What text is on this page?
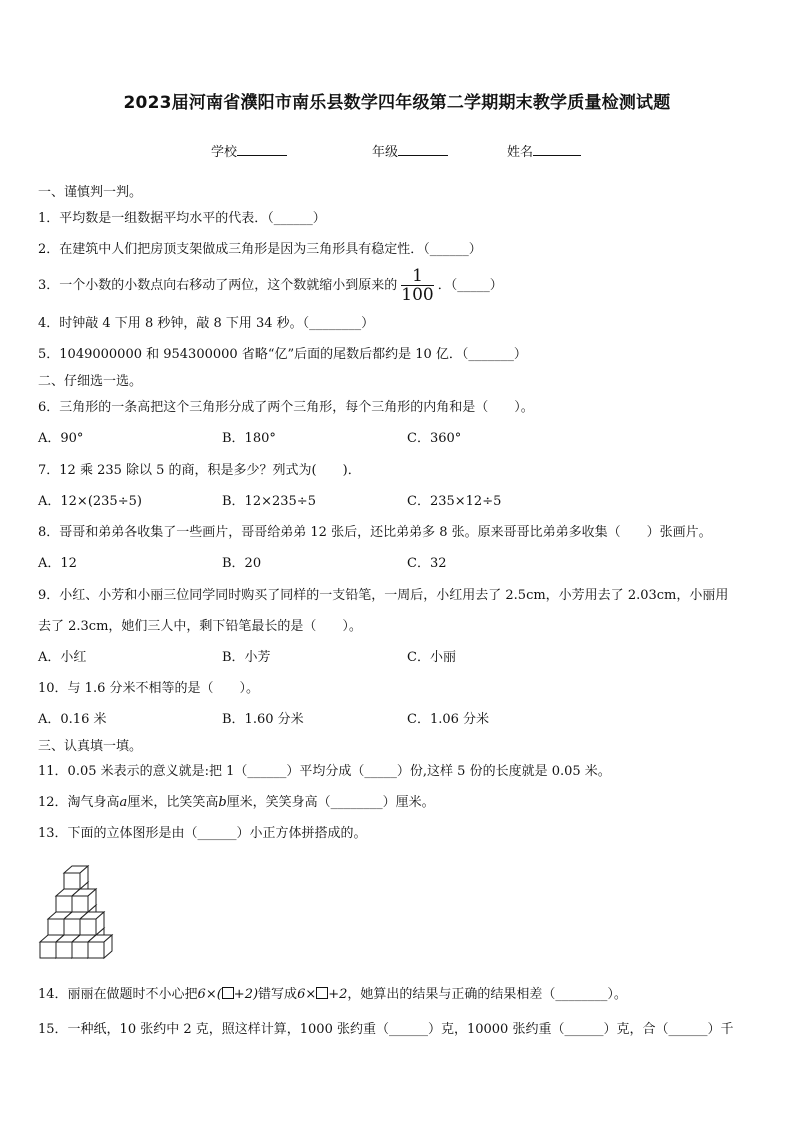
2023届河南省濮阳市南乐县数学四年级第二学期期末教学质量检测试题
学校	年级	姓名
一、谨慎判一判。
1．平均数是一组数据平均水平的代表．（______）
2．在建筑中人们把房顶支架做成三角形是因为三角形具有稳定性．（______）
3．一个小数的小数点向右移动了两位，这个数就缩小到原来的 $\frac{1}{100}$ ．（_____）
4．时钟敲 4 下用 8 秒钟，敲 8 下用 34 秒。（________）
5．1049000000 和 954300000 省略“亿”后面的尾数后都约是 10 亿．（_______）
二、仔细选一选。
6．三角形的一条高把这个三角形分成了两个三角形，每个三角形的内角和是（　　）。
A．90°	B．180°	C．360°
7．12 乘 235 除以 5 的商，积是多少？列式为(　　)．
A．12×(235÷5)	B．12×235÷5	C．235×12÷5
8．哥哥和弟弟各收集了一些画片，哥哥给弟弟 12 张后，还比弟弟多 8 张。原来哥哥比弟弟多收集（　　）张画片。
A．12	B．20	C．32
9．小红、小芳和小丽三位同学同时购买了同样的一支铅笔，一周后，小红用去了 2.5cm，小芳用去了 2.03cm，小丽用
去了 2.3cm，她们三人中，剩下铅笔最长的是（　　）。
A．小红	B．小芳	C．小丽
10．与 1.6 分米不相等的是（　　）。
A．0.16 米	B．1.60 分米	C．1.06 分米
三、认真填一填。
11．0.05 米表示的意义就是:把 1（______）平均分成（_____）份,这样 5 份的长度就是 0.05 米。
12．淘气身高a厘米，比笑笑高b厘米，笑笑身高（________）厘米。
13．下面的立体图形是由（______）小正方体拼搭成的。
14．丽丽在做题时不小心把6×( +2)错写成6× +2，她算出的结果与正确的结果相差（________）。
15．一种纸，10 张约中 2 克，照这样计算，1000 张约重（______）克，10000 张约重（______）克，合（______）千
